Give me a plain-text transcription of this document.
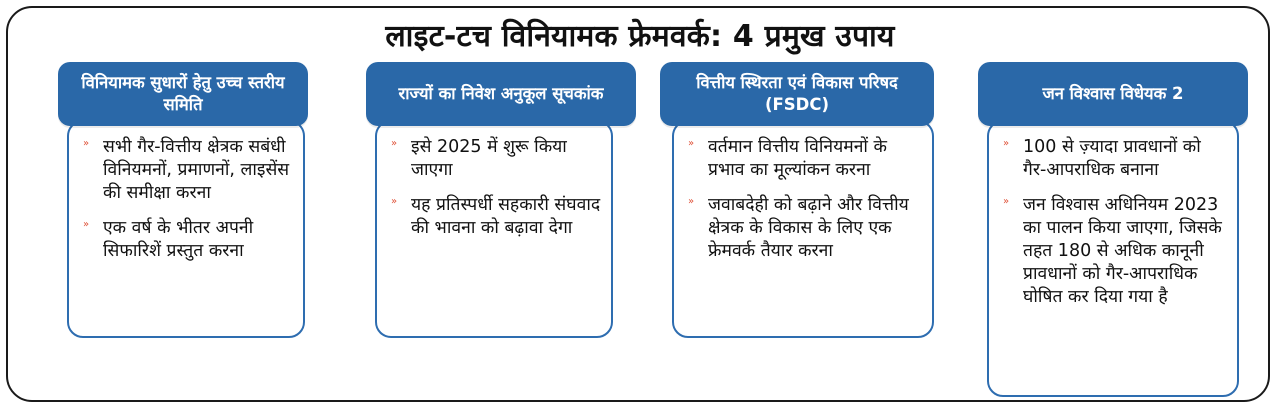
लाइट-टच विनियामक फ्रेमवर्क: 4 प्रमुख उपाय
» सभी गैर-वित्तीय क्षेत्रक सबंधी विनियमनों, प्रमाणनों, लाइसेंस की समीक्षा करना
» एक वर्ष के भीतर अपनी सिफारिशें प्रस्तुत करना
विनियामक सुधारों हेतु उच्च स्तरीय समिति
» इसे 2025 में शुरू किया जाएगा
» यह प्रतिस्पर्धी सहकारी संघवाद की भावना को बढ़ावा देगा
राज्यों का निवेश अनुकूल सूचकांक
» वर्तमान वित्तीय विनियमनों के प्रभाव का मूल्यांकन करना
» जवाबदेही को बढ़ाने और वित्तीय क्षेत्रक के विकास के लिए एक फ्रेमवर्क तैयार करना
वित्तीय स्थिरता एवं विकास परिषद (FSDC)
» 100 से ज़्यादा प्रावधानों को गैर-आपराधिक बनाना
» जन विश्वास अधिनियम 2023 का पालन किया जाएगा, जिसके तहत 180 से अधिक कानूनी प्रावधानों को गैर-आपराधिक घोषित कर दिया गया है
जन विश्वास विधेयक 2
